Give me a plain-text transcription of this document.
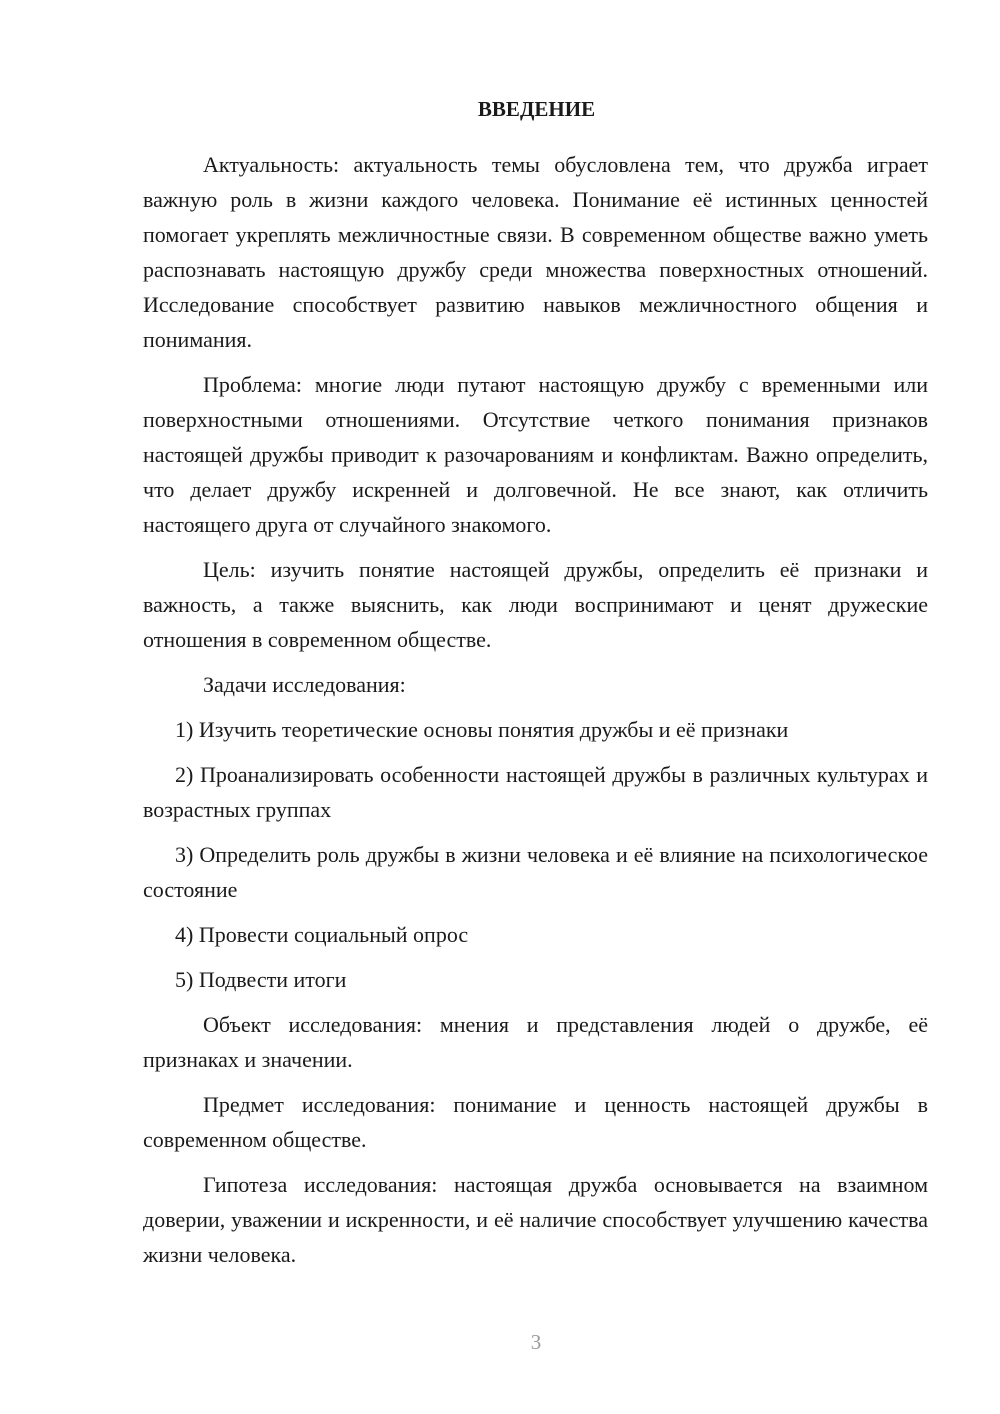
ВВЕДЕНИЕ

Актуальность: актуальность темы обусловлена тем, что дружба играет важную роль в жизни каждого человека. Понимание её истинных ценностей помогает укреплять межличностные связи. В современном обществе важно уметь распознавать настоящую дружбу среди множества поверхностных отношений. Исследование способствует развитию навыков межличностного общения и понимания.

Проблема: многие люди путают настоящую дружбу с временными или поверхностными отношениями. Отсутствие четкого понимания признаков настоящей дружбы приводит к разочарованиям и конфликтам. Важно определить, что делает дружбу искренней и долговечной. Не все знают, как отличить настоящего друга от случайного знакомого.

Цель: изучить понятие настоящей дружбы, определить её признаки и важность, а также выяснить, как люди воспринимают и ценят дружеские отношения в современном обществе.

Задачи исследования:

1) Изучить теоретические основы понятия дружбы и её признаки

2) Проанализировать особенности настоящей дружбы в различных культурах и возрастных группах

3) Определить роль дружбы в жизни человека и её влияние на психологическое состояние

4) Провести социальный опрос

5) Подвести итоги

Объект исследования: мнения и представления людей о дружбе, её признаках и значении.

Предмет исследования: понимание и ценность настоящей дружбы в современном обществе.

Гипотеза исследования: настоящая дружба основывается на взаимном доверии, уважении и искренности, и её наличие способствует улучшению качества жизни человека.

3
